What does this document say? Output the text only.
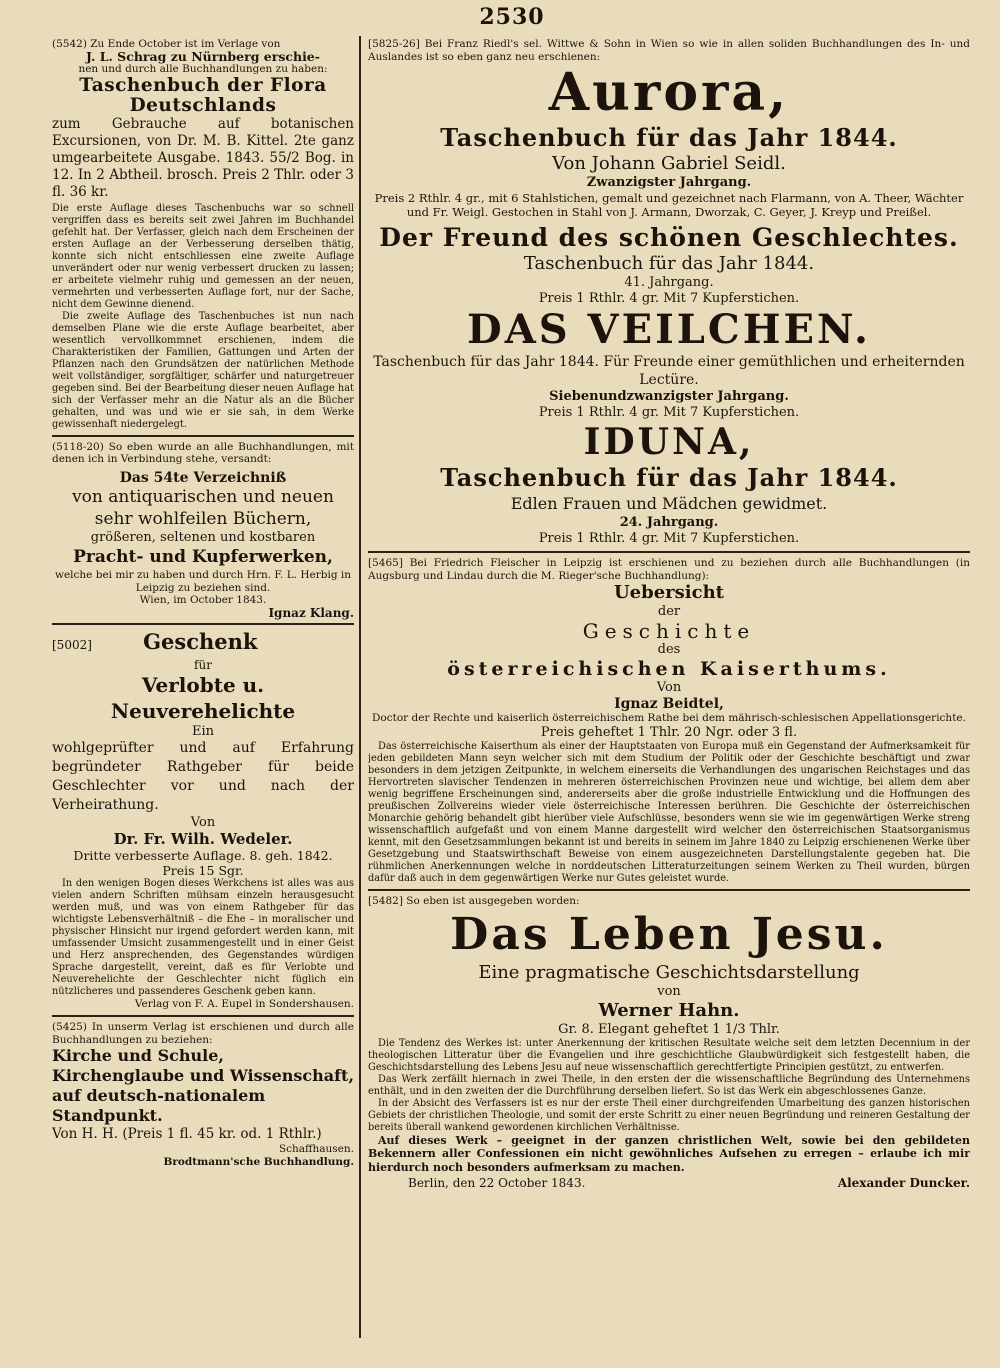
2530

(5542) Zu Ende October ist im Verlage von

J. L. Schrag zu Nürnberg erschie-

nen und durch alle Buchhandlungen zu haben:

Taschenbuch der Flora Deutschlands

zum Gebrauche auf botanischen Excursionen, von Dr. M. B. Kittel. 2te ganz umgearbeitete Ausgabe. 1843. 55/2 Bog. in 12. In 2 Abtheil. brosch. Preis 2 Thlr. oder 3 fl. 36 kr.

Die erste Auflage dieses Taschenbuchs war so schnell vergriffen dass es bereits seit zwei Jahren im Buchhandel gefehlt hat. Der Verfasser, gleich nach dem Erscheinen der ersten Auflage an der Verbesserung derselben thätig, konnte sich nicht entschliessen eine zweite Auflage unverändert oder nur wenig verbessert drucken zu lassen; er arbeitete vielmehr ruhig und gemessen an der neuen, vermehrten und verbesserten Auflage fort, nur der Sache, nicht dem Gewinne dienend.

Die zweite Auflage des Taschenbuches ist nun nach demselben Plane wie die erste Auflage bearbeitet, aber wesentlich vervollkommnet erschienen, indem die Charakteristiken der Familien, Gattungen und Arten der Pflanzen nach den Grundsätzen der natürlichen Methode weit vollständiger, sorgfältiger, schärfer und naturgetreuer gegeben sind. Bei der Bearbeitung dieser neuen Auflage hat sich der Verfasser mehr an die Natur als an die Bücher gehalten, und was und wie er sie sah, in dem Werke gewissenhaft niedergelegt.

(5118-20) So eben wurde an alle Buchhandlungen, mit denen ich in Verbindung stehe, versandt:

Das 54te Verzeichniß

von antiquarischen und neuen sehr wohlfeilen Büchern,

größeren, seltenen und kostbaren

Pracht- und Kupferwerken,

welche bei mir zu haben und durch Hrn. F. L. Herbig in Leipzig zu beziehen sind.

Wien, im October 1843.

Ignaz Klang.

[5002] Geschenk

für

Verlobte u. Neuverehelichte

Ein

wohlgeprüfter und auf Erfahrung begründeter Rathgeber für beide Geschlechter vor und nach der Verheirathung.

Von

Dr. Fr. Wilh. Wedeler.

Dritte verbesserte Auflage. 8. geh. 1842.

Preis 15 Sgr.

In den wenigen Bogen dieses Werkchens ist alles was aus vielen andern Schriften mühsam einzeln herausgesucht werden muß, und was von einem Rathgeber für das wichtigste Lebensverhältniß – die Ehe – in moralischer und physischer Hinsicht nur irgend gefordert werden kann, mit umfassender Umsicht zusammengestellt und in einer Geist und Herz ansprechenden, des Gegenstandes würdigen Sprache dargestellt, vereint, daß es für Verlobte und Neuverehelichte der Geschlechter nicht füglich ein nützlicheres und passenderes Geschenk geben kann.

Verlag von F. A. Eupel in Sondershausen.

(5425) In unserm Verlag ist erschienen und durch alle Buchhandlungen zu beziehen:

Kirche und Schule, Kirchenglaube und Wissenschaft, auf deutsch-nationalem Standpunkt.

Von H. H. (Preis 1 fl. 45 kr. od. 1 Rthlr.)

Schaffhausen.

Brodtmann'sche Buchhandlung.

[5825-26] Bei Franz Riedl's sel. Wittwe & Sohn in Wien so wie in allen soliden Buchhandlungen des In- und Auslandes ist so eben ganz neu erschienen:

Aurora,

Taschenbuch für das Jahr 1844.

Von Johann Gabriel Seidl.

Zwanzigster Jahrgang.

Preis 2 Rthlr. 4 gr., mit 6 Stahlstichen, gemalt und gezeichnet nach Flarmann, von A. Theer, Wächter und Fr. Weigl. Gestochen in Stahl von J. Armann, Dworzak, C. Geyer, J. Kreyp und Preißel.

Der Freund des schönen Geschlechtes.

Taschenbuch für das Jahr 1844.

41. Jahrgang.

Preis 1 Rthlr. 4 gr. Mit 7 Kupferstichen.

DAS VEILCHEN.

Taschenbuch für das Jahr 1844. Für Freunde einer gemüthlichen und erheiternden Lectüre.

Siebenundzwanzigster Jahrgang.

Preis 1 Rthlr. 4 gr. Mit 7 Kupferstichen.

IDUNA,

Taschenbuch für das Jahr 1844.

Edlen Frauen und Mädchen gewidmet.

24. Jahrgang.

Preis 1 Rthlr. 4 gr. Mit 7 Kupferstichen.

[5465] Bei Friedrich Fleischer in Leipzig ist erschienen und zu beziehen durch alle Buchhandlungen (in Augsburg und Lindau durch die M. Rieger'sche Buchhandlung):

Uebersicht

der

Geschichte

des

österreichischen Kaiserthums.

Von

Ignaz Beidtel,

Doctor der Rechte und kaiserlich österreichischem Rathe bei dem mährisch-schlesischen Appellationsgerichte.

Preis geheftet 1 Thlr. 20 Ngr. oder 3 fl.

Das österreichische Kaiserthum als einer der Hauptstaaten von Europa muß ein Gegenstand der Aufmerksamkeit für jeden gebildeten Mann seyn welcher sich mit dem Studium der Politik oder der Geschichte beschäftigt und zwar besonders in dem jetzigen Zeitpunkte, in welchem einerseits die Verhandlungen des ungarischen Reichstages und das Hervortreten slavischer Tendenzen in mehreren österreichischen Provinzen neue und wichtige, bei allem dem aber wenig begriffene Erscheinungen sind, andererseits aber die große industrielle Entwicklung und die Hoffnungen des preußischen Zollvereins wieder viele österreichische Interessen berühren. Die Geschichte der österreichischen Monarchie gehörig behandelt gibt hierüber viele Aufschlüsse, besonders wenn sie wie im gegenwärtigen Werke streng wissenschaftlich aufgefaßt und von einem Manne dargestellt wird welcher den österreichischen Staatsorganismus kennt, mit den Gesetzsammlungen bekannt ist und bereits in seinem im Jahre 1840 zu Leipzig erschienenen Werke über Gesetzgebung und Staatswirthschaft Beweise von einem ausgezeichneten Darstellungstalente gegeben hat. Die rühmlichen Anerkennungen welche in norddeutschen Litteraturzeitungen seinem Werken zu Theil wurden, bürgen dafür daß auch in dem gegenwärtigen Werke nur Gutes geleistet wurde.

[5482] So eben ist ausgegeben worden:

Das Leben Jesu.

Eine pragmatische Geschichtsdarstellung

von

Werner Hahn.

Gr. 8. Elegant geheftet 1 1/3 Thlr.

Die Tendenz des Werkes ist: unter Anerkennung der kritischen Resultate welche seit dem letzten Decennium in der theologischen Litteratur über die Evangelien und ihre geschichtliche Glaubwürdigkeit sich festgestellt haben, die Geschichtsdarstellung des Lebens Jesu auf neue wissenschaftlich gerechtfertigte Principien gestützt, zu entwerfen.

Das Werk zerfällt hiernach in zwei Theile, in den ersten der die wissenschaftliche Begründung des Unternehmens enthält, und in den zweiten der die Durchführung derselben liefert. So ist das Werk ein abgeschlossenes Ganze.

In der Absicht des Verfassers ist es nur der erste Theil einer durchgreifenden Umarbeitung des ganzen historischen Gebiets der christlichen Theologie, und somit der erste Schritt zu einer neuen Begründung und reineren Gestaltung der bereits überall wankend gewordenen kirchlichen Verhältnisse.

Auf dieses Werk – geeignet in der ganzen christlichen Welt, sowie bei den gebildeten Bekennern aller Confessionen ein nicht gewöhnliches Aufsehen zu erregen – erlaube ich mir hierdurch noch besonders aufmerksam zu machen.

Berlin, den 22 October 1843.	Alexander Duncker.
